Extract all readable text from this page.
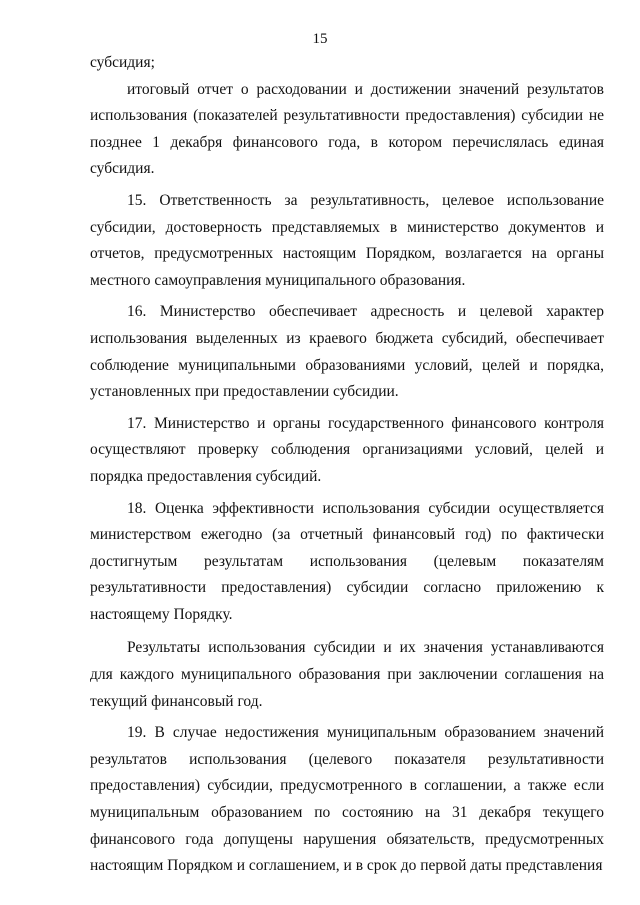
15

субсидия;

итоговый отчет о расходовании и достижении значений результатов использования (показателей результативности предоставления) субсидии не позднее 1 декабря финансового года, в котором перечислялась единая субсидия.

15. Ответственность за результативность, целевое использование субсидии, достоверность представляемых в министерство документов и отчетов, предусмотренных настоящим Порядком, возлагается на органы местного самоуправления муниципального образования.

16. Министерство обеспечивает адресность и целевой характер использования выделенных из краевого бюджета субсидий, обеспечивает соблюдение муниципальными образованиями условий, целей и порядка, установленных при предоставлении субсидии.

17. Министерство и органы государственного финансового контроля осуществляют проверку соблюдения организациями условий, целей и порядка предоставления субсидий.

18. Оценка эффективности использования субсидии осуществляется министерством ежегодно (за отчетный финансовый год) по фактически достигнутым результатам использования (целевым показателям результативности предоставления) субсидии согласно приложению к настоящему Порядку.

Результаты использования субсидии и их значения устанавливаются для каждого муниципального образования при заключении соглашения на текущий финансовый год.

19. В случае недостижения муниципальным образованием значений результатов использования (целевого показателя результативности предоставления) субсидии, предусмотренного в соглашении, а также если муниципальным образованием по состоянию на 31 декабря текущего финансового года допущены нарушения обязательств, предусмотренных настоящим Порядком и соглашением, и в срок до первой даты представления
